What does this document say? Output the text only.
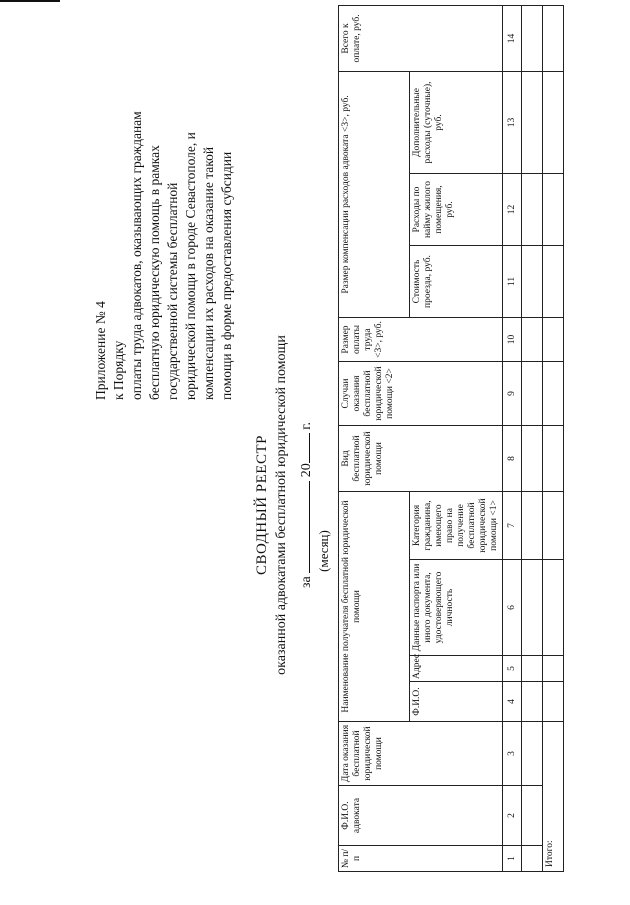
Приложение № 4 к Порядку оплаты труда адвокатов, оказывающих гражданам бесплатную юридическую помощь в рамках государственной системы бесплатной юридической помощи в городе Севастополе, и компенсации их расходов на оказание такой помощи в форме предоставления субсидии
СВОДНЫЙ РЕЕСТР оказанной адвокатами бесплатной юридической помощи за  20 г.
(месяц)
№ п/п	Ф.И.О. адвоката	Дата оказания бесплатной юридической помощи	Наименование получателя бесплатной юридической помощи				Вид бесплатной юридической помощи	Случаи оказания бесплатной юридической помощи <2>	Размер оплаты труда <3>, руб.	Размер компенсации расходов адвоката <3>, руб.			Всего к оплате, руб.
			Ф.И.О.	Адрес	Данные паспорта или иного документа, удостоверяющего личность	Категория гражданина, имеющего право на получение бесплатной юридической помощи <1>				Стоимость проезда, руб.	Расходы по найму жилого помещения, руб.	Дополнительные расходы (суточные), руб.	
1	2	3	4	5	6	7	8	9	10	11	12	13	14

Итого:													
